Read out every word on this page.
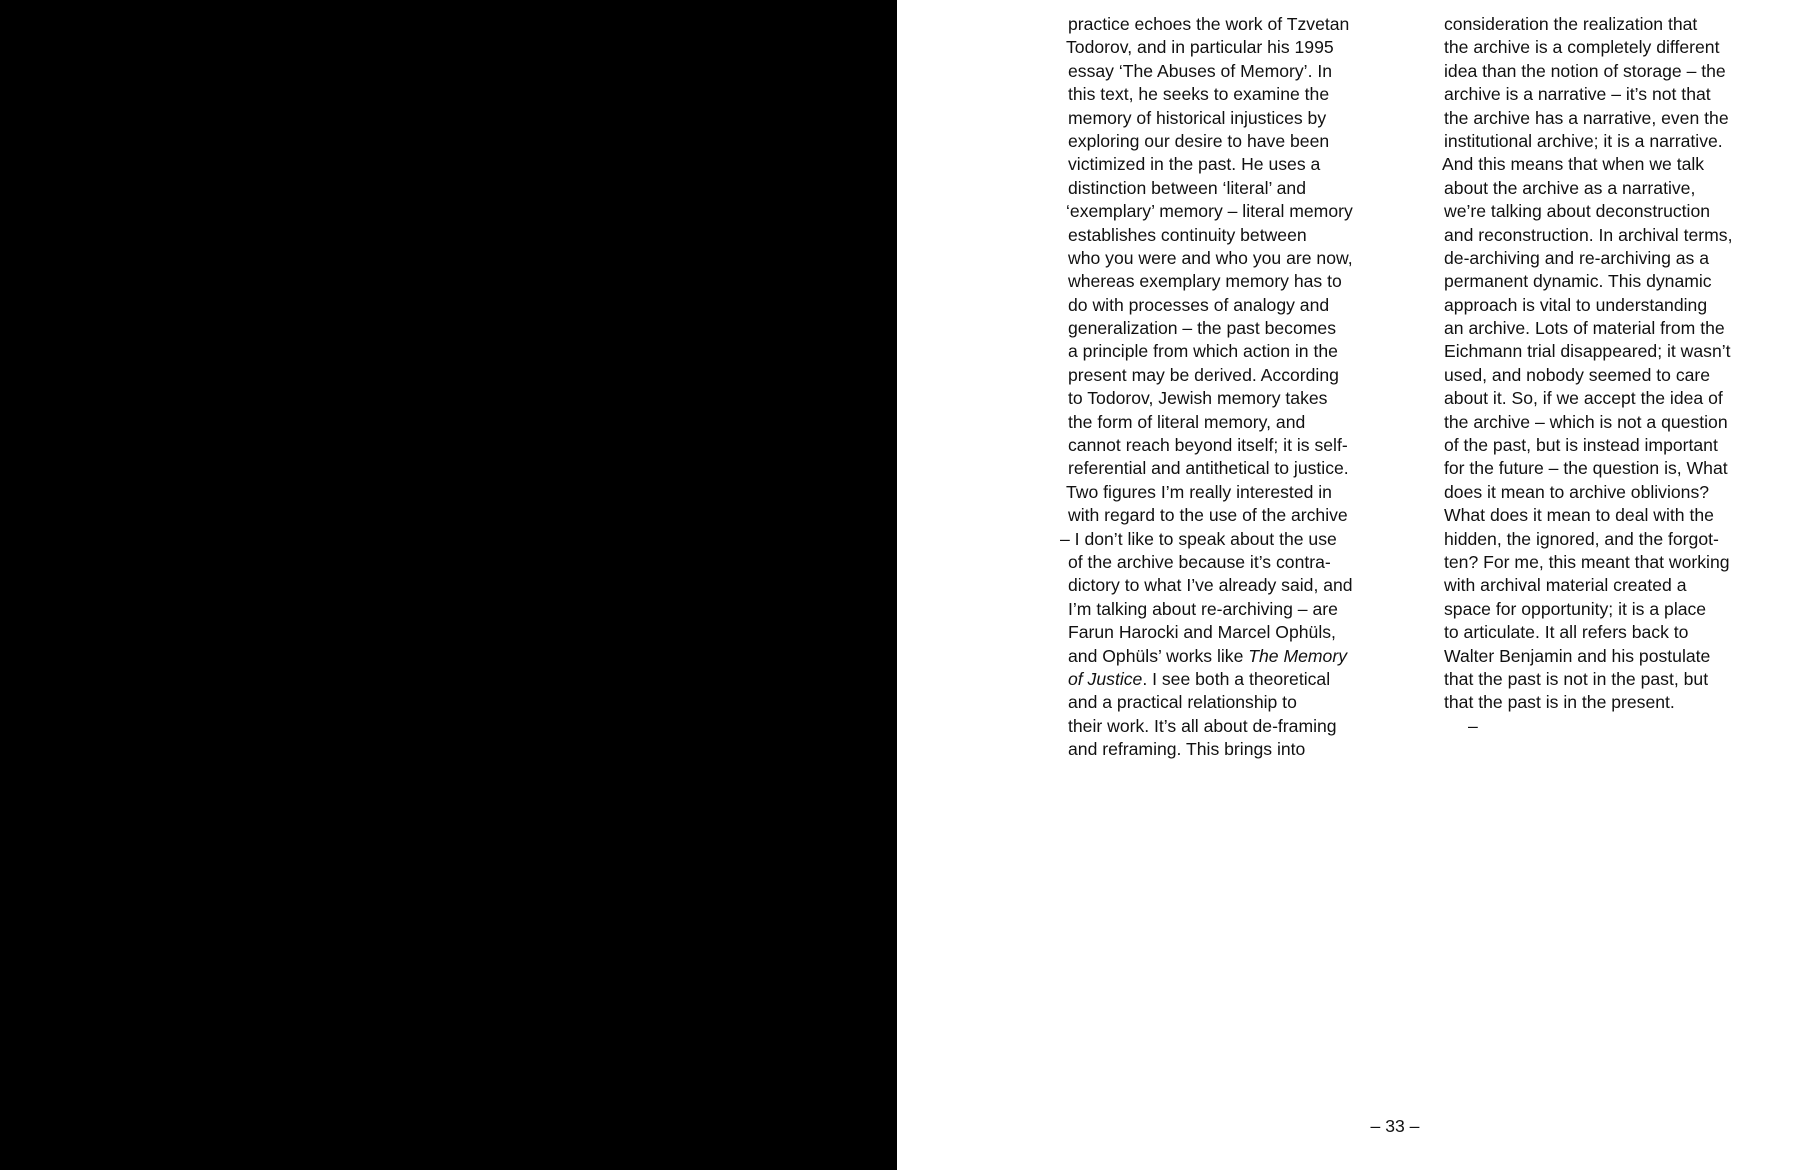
practice echoes the work of Tzvetan
Todorov, and in particular his 1995
essay ‘The Abuses of Memory’. In
this text, he seeks to examine the
memory of historical injustices by
exploring our desire to have been
victimized in the past. He uses a
distinction between ‘literal’ and
‘exemplary’ memory – literal memory
establishes continuity between
who you were and who you are now,
whereas exemplary memory has to
do with processes of analogy and
generalization – the past becomes
a principle from which action in the
present may be derived. According
to Todorov, Jewish memory takes
the form of literal memory, and
cannot reach beyond itself; it is self-
referential and antithetical to justice.
Two figures I’m really interested in
with regard to the use of the archive
– I don’t like to speak about the use
of the archive because it’s contra-
dictory to what I’ve already said, and
I’m talking about re-archiving – are
Farun Harocki and Marcel Ophüls,
and Ophüls’ works like The Memory
of Justice. I see both a theoretical
and a practical relationship to
their work. It’s all about de-framing
and reframing. This brings into
consideration the realization that
the archive is a completely different
idea than the notion of storage – the
archive is a narrative – it’s not that
the archive has a narrative, even the
institutional archive; it is a narrative.
And this means that when we talk
about the archive as a narrative,
we’re talking about deconstruction
and reconstruction. In archival terms,
de-archiving and re-archiving as a
permanent dynamic. This dynamic
approach is vital to understanding
an archive. Lots of material from the
Eichmann trial disappeared; it wasn’t
used, and nobody seemed to care
about it. So, if we accept the idea of
the archive – which is not a question
of the past, but is instead important
for the future – the question is, What
does it mean to archive oblivions?
What does it mean to deal with the
hidden, the ignored, and the forgot-
ten? For me, this meant that working
with archival material created a
space for opportunity; it is a place
to articulate. It all refers back to
Walter Benjamin and his postulate
that the past is not in the past, but
that the past is in the present.
–
– 33 –
